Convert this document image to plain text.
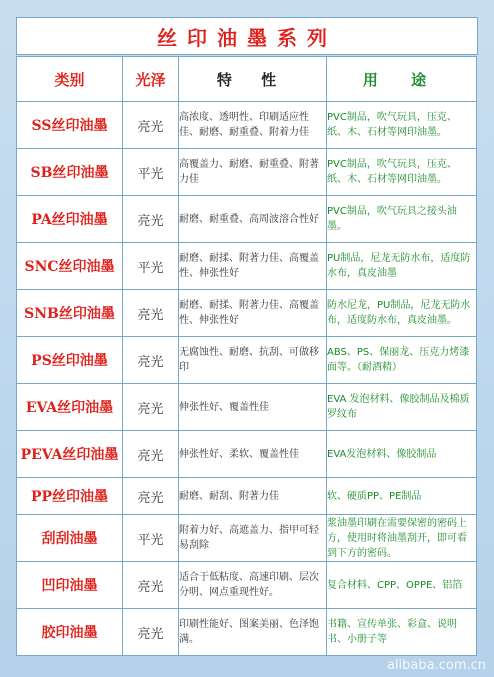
丝印油墨系列
类别	光泽	特 性	用 途
SS丝印油墨	亮光	高浓度、透明性、印刷适应性佳、耐磨、耐重叠、附着力佳	PVC制品，吹气玩具，压克、纸、木、石材等网印油墨。
SB丝印油墨	平光	高覆盖力、耐磨、耐重叠、附著力佳	PVC制品，吹气玩具，压克、纸、木、石材等网印油墨。
PA丝印油墨	亮光	耐磨、耐重叠、高周波溶合性好	PVC制品，吹气玩具之接头油墨。
SNC丝印油墨	平光	耐磨、耐揉、附著力佳、高覆盖性、伸张性好	PU制品，尼龙无防水布，适度防水布，真皮油墨
SNB丝印油墨	亮光	耐磨、耐揉、附著力佳、高覆盖性、伸张性好	防水尼龙，PU制品，尼龙无防水布，适度防水布，真皮油墨。
PS丝印油墨	亮光	无腐蚀性、耐磨、抗刮、可做移印	ABS、PS、保丽龙、压克力烤漆面等。（耐酒精）
EVA丝印油墨	亮光	伸张性好、覆盖性佳	EVA 发泡材料、像胶制品及棉质罗纹布
PEVA丝印油墨	亮光	伸张性好、柔软、覆盖性佳	EVA发泡材料、像胶制品
PP丝印油墨	亮光	耐磨、耐刮、附著力佳	软、硬质PP、PE制品
刮刮油墨	平光	附着力好、高遮盖力、指甲可轻易刮除	浆油墨印刷在需要保密的密码上方，使用时将油墨刮开，即可看到下方的密码。
凹印油墨	亮光	适合于低粘度、高速印刷、层次分明、网点重现性好。	复合材料、CPP、OPPE、铝箔
胶印油墨	亮光	印刷性能好、图案美丽、色泽饱满。	书籍、宣传单张、彩盒、说明书、小册子等
alibaba.com.cn
